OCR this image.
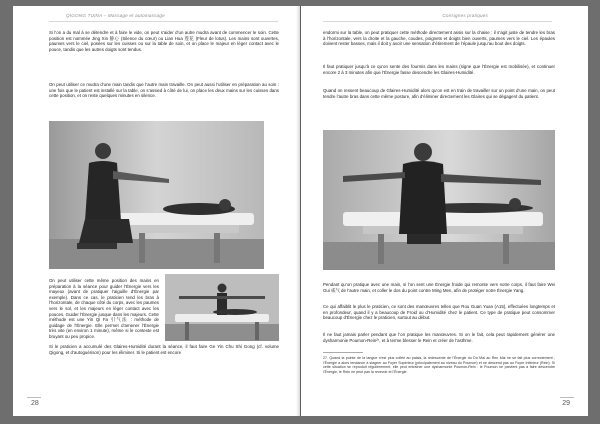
QIGONG TUINA – Massage et automassage
Si l’on a du mal à se détendre et à faire le vide, on peut s’aider d’un autre mudra avant de commencer le soin. Cette position est nommée Jing Xin 静心 (Silence du cœur) ou Lian Hua 莲花 (Fleur de lotus). Les mains sont ouvertes, paumes vers le ciel, posées sur les cuisses ou sur la table de soin, et on place le majeur en léger contact avec le pouce, tandis que les autres doigts sont tendus.
On peut utiliser ce mudra d’une main tandis que l’autre main travaille. On peut aussi l’utiliser en préparation au soin : une fois que le patient est installé sur la table, on s’assied à côté de lui, on place les deux mains sur les cuisses dans cette position, et on reste quelques minutes en silence.
On peut utiliser cette même position des mains en préparation à la séance pour guider l’Énergie vers les mayeux (avant de pratiquer l’aiguille d’Énergie par exemple). Dans ce cas, le praticien tend les bras à l’horizontale, de chaque côté du corps, avec les paumes vers le sol, et les majeurs en léger contact avec les pouces. Guider l’Énergie jusque dans les majeurs. Cette méthode est une Yin Qi Fa 引气法 : méthode de guidage de l’Énergie. Elle permet d’amener l’Énergie très vite (en environ 1 minute), même si le contexte est bruyant ou peu propice.
Si le praticien a accumulé des Glaires-Humidité durant la séance, il faut faire Ge Yin Chu Shi Gong (cf. volume Qigong, et d’autoguérison) pour les éliminer. Si le patient est encore
28
Consignes pratiques
endormi sur la table, on peut pratiquer cette méthode directement assis sur la chaise : il s’agit juste de tendre les bras à l’horizontale, vers la droite et la gauche, coudes, poignets et doigts bien ouverts, paumes vers le ciel. Les épaules doivent rester basses, mais il doit y avoir une sensation d’étirement de l’épaule jusqu’au bout des doigts.
Il faut pratiquer jusqu’à ce qu’on sente des fourmis dans les mains (signe que l’Énergie est mobilisée), et continuer encore 2 à 3 minutes afin que l’Énergie fasse descendre les Glaires-Humidité.
Quand on ressent beaucoup de Glaires-Humidité alors qu’on est en train de travailler sur un point d’une main, on peut tendre l’autre bras dans cette même posture, afin d’éliminer directement les Glaires qui se dégagent du patient.
Pendant qu’on pratique avec une main, si l’on sent une Énergie froide qui remonte vers notre corps, il faut faire Wei Gui 威气 de l’autre main, et coller le dos du point contre Ming Men, afin de protéger notre Énergie Yang.
Ce qui affaiblit le plus le praticien, ce sont des manœuvres telles que Rou Guan Yuan (A15), effectuées longtemps et en profondeur, quand il y a beaucoup de Froid ou d’Humidité chez le patient. Ce type de pratique peut consommer beaucoup d’Énergie chez le praticien, surtout au début.
Il ne faut jamais parler pendant que l’on pratique les manœuvres. Si on le fait, cela peut rapidement générer une dysharmonie Poumon-Rein²⁷, et à terme blesser le Rein et créer de l’asthme.
27. Quand la pointe de la langue n’est plus collée au palais, la redescente de l’Énergie du Du Mai au Ren Mai ne se fait plus correctement ; l’Énergie a alors tendance à stagner au Foyer Supérieur (principalement au niveau du Poumon) et ne descend pas au Foyer Inférieur (Rein). Si cette situation se reproduit régulièrement, elle peut entraîner une dysharmonie Poumon-Rein : le Poumon ne parvient pas à faire descendre l’Énergie, le Rein ne peut pas la recevoir et l’Énergie.
29
